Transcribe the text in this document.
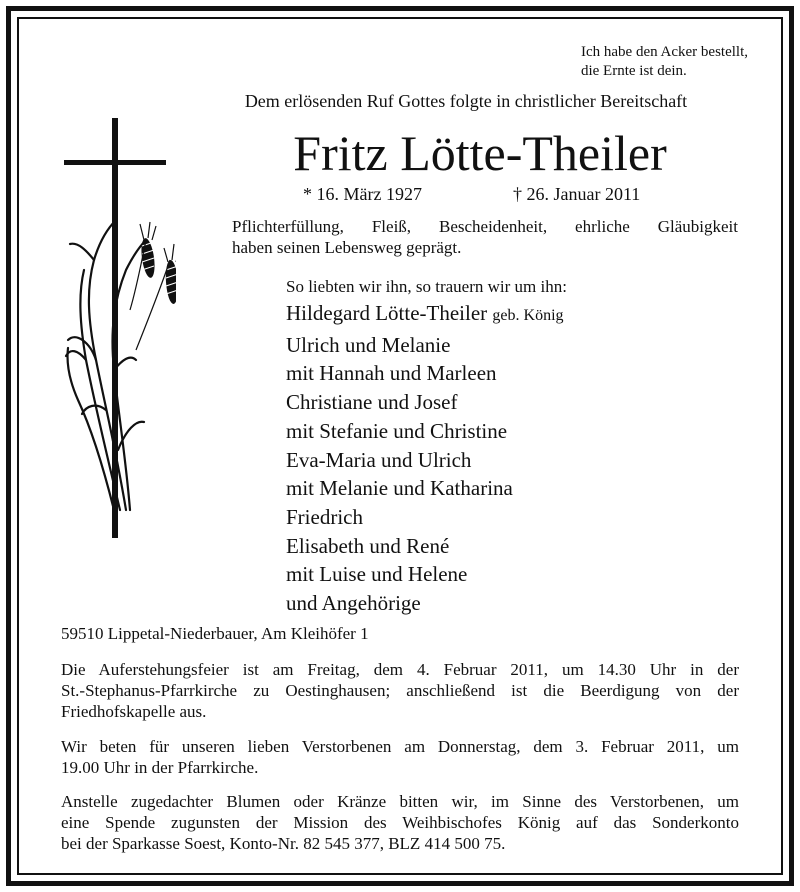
Ich habe den Acker bestellt,
die Ernte ist dein.
Dem erlösenden Ruf Gottes folgte in christlicher Bereitschaft
Fritz Lötte-Theiler
* 16. März 1927	† 26. Januar 2011
Pflichterfüllung, Fleiß, Bescheidenheit, ehrliche Gläubigkeit
haben seinen Lebensweg geprägt.
So liebten wir ihn, so trauern wir um ihn:
Hildegard Lötte-Theiler geb. König
Ulrich und Melanie
mit Hannah und Marleen
Christiane und Josef
mit Stefanie und Christine
Eva-Maria und Ulrich
mit Melanie und Katharina
Friedrich
Elisabeth und René
mit Luise und Helene
und Angehörige
59510 Lippetal-Niederbauer, Am Kleihöfer 1
Die Auferstehungsfeier ist am Freitag, dem 4. Februar 2011, um 14.30 Uhr in der
St.-Stephanus-Pfarrkirche zu Oestinghausen; anschließend ist die Beerdigung von der
Friedhofskapelle aus.
Wir beten für unseren lieben Verstorbenen am Donnerstag, dem 3. Februar 2011, um
19.00 Uhr in der Pfarrkirche.
Anstelle zugedachter Blumen oder Kränze bitten wir, im Sinne des Verstorbenen, um
eine Spende zugunsten der Mission des Weihbischofes König auf das Sonderkonto
bei der Sparkasse Soest, Konto-Nr. 82 545 377, BLZ 414 500 75.
